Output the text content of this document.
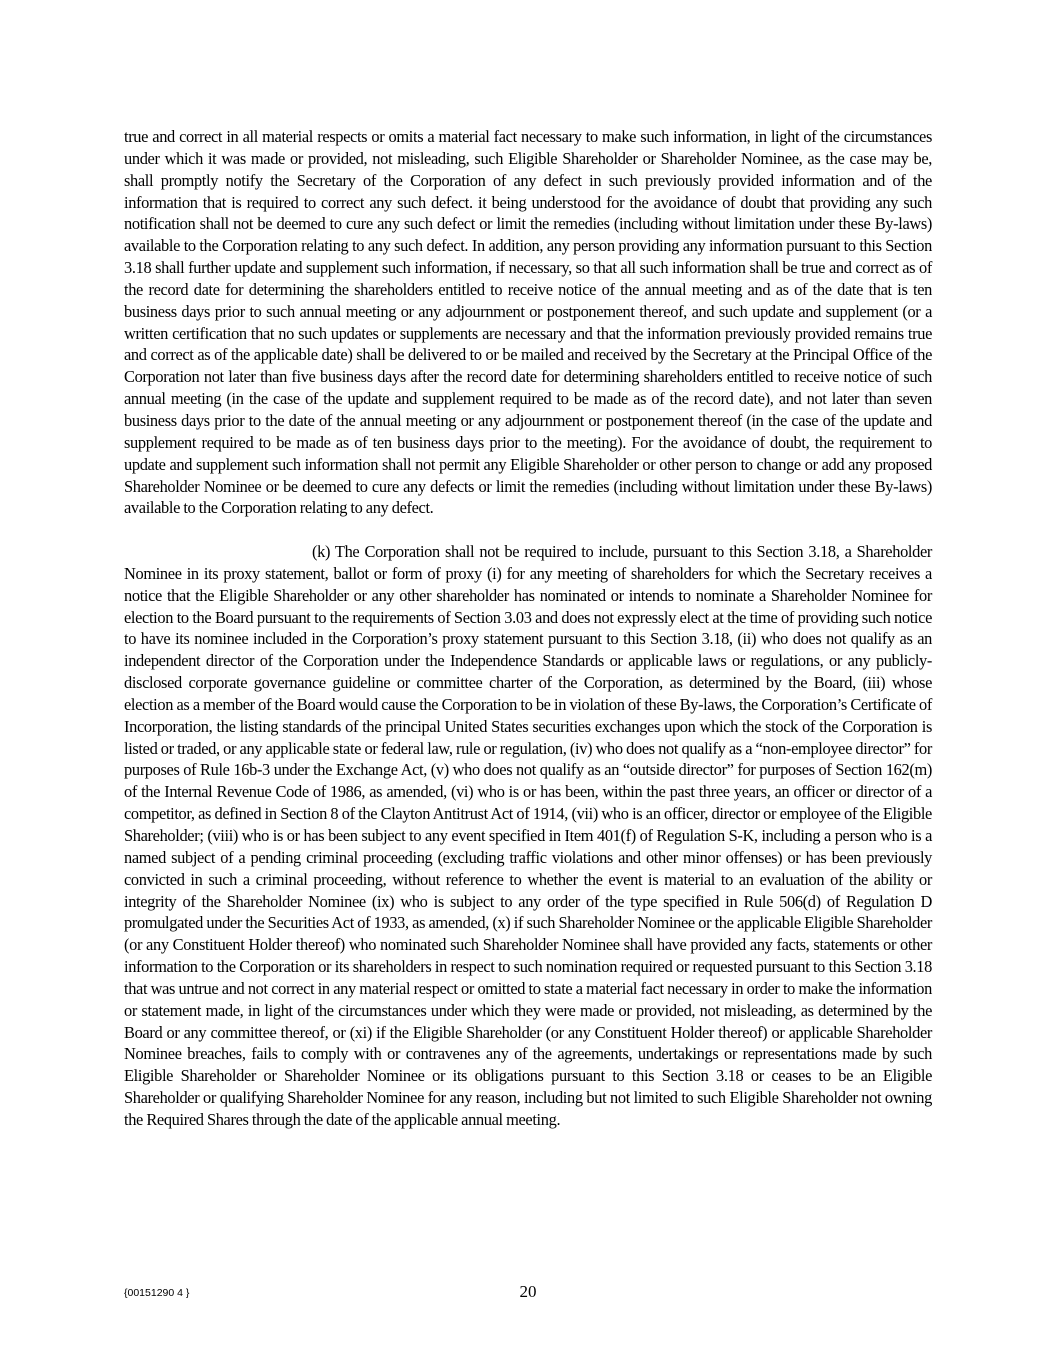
true and correct in all material respects or omits a material fact necessary to make such information, in light of the circumstances under which it was made or provided, not misleading, such Eligible Shareholder or Shareholder Nominee, as the case may be, shall promptly notify the Secretary of the Corporation of any defect in such previously provided information and of the information that is required to correct any such defect. it being understood for the avoidance of doubt that providing any such notification shall not be deemed to cure any such defect or limit the remedies (including without limitation under these By-laws) available to the Corporation relating to any such defect. In addition, any person providing any information pursuant to this Section 3.18 shall further update and supplement such information, if necessary, so that all such information shall be true and correct as of the record date for determining the shareholders entitled to receive notice of the annual meeting and as of the date that is ten business days prior to such annual meeting or any adjournment or postponement thereof, and such update and supplement (or a written certification that no such updates or supplements are necessary and that the information previously provided remains true and correct as of the applicable date) shall be delivered to or be mailed and received by the Secretary at the Principal Office of the Corporation not later than five business days after the record date for determining shareholders entitled to receive notice of such annual meeting (in the case of the update and supplement required to be made as of the record date), and not later than seven business days prior to the date of the annual meeting or any adjournment or postponement thereof (in the case of the update and supplement required to be made as of ten business days prior to the meeting). For the avoidance of doubt, the requirement to update and supplement such information shall not permit any Eligible Shareholder or other person to change or add any proposed Shareholder Nominee or be deemed to cure any defects or limit the remedies (including without limitation under these By-laws) available to the Corporation relating to any defect.

(k) The Corporation shall not be required to include, pursuant to this Section 3.18, a Shareholder Nominee in its proxy statement, ballot or form of proxy (i) for any meeting of shareholders for which the Secretary receives a notice that the Eligible Shareholder or any other shareholder has nominated or intends to nominate a Shareholder Nominee for election to the Board pursuant to the requirements of Section 3.03 and does not expressly elect at the time of providing such notice to have its nominee included in the Corporation’s proxy statement pursuant to this Section 3.18, (ii) who does not qualify as an independent director of the Corporation under the Independence Standards or applicable laws or regulations, or any publicly-disclosed corporate governance guideline or committee charter of the Corporation, as determined by the Board, (iii) whose election as a member of the Board would cause the Corporation to be in violation of these By-laws, the Corporation’s Certificate of Incorporation, the listing standards of the principal United States securities exchanges upon which the stock of the Corporation is listed or traded, or any applicable state or federal law, rule or regulation, (iv) who does not qualify as a “non-employee director” for purposes of Rule 16b-3 under the Exchange Act, (v) who does not qualify as an “outside director” for purposes of Section 162(m) of the Internal Revenue Code of 1986, as amended, (vi) who is or has been, within the past three years, an officer or director of a competitor, as defined in Section 8 of the Clayton Antitrust Act of 1914, (vii) who is an officer, director or employee of the Eligible Shareholder; (viii) who is or has been subject to any event specified in Item 401(f) of Regulation S-K, including a person who is a named subject of a pending criminal proceeding (excluding traffic violations and other minor offenses) or has been previously convicted in such a criminal proceeding, without reference to whether the event is material to an evaluation of the ability or integrity of the Shareholder Nominee (ix) who is subject to any order of the type specified in Rule 506(d) of Regulation D promulgated under the Securities Act of 1933, as amended, (x) if such Shareholder Nominee or the applicable Eligible Shareholder (or any Constituent Holder thereof) who nominated such Shareholder Nominee shall have provided any facts, statements or other information to the Corporation or its shareholders in respect to such nomination required or requested pursuant to this Section 3.18 that was untrue and not correct in any material respect or omitted to state a material fact necessary in order to make the information or statement made, in light of the circumstances under which they were made or provided, not misleading, as determined by the Board or any committee thereof, or (xi) if the Eligible Shareholder (or any Constituent Holder thereof) or applicable Shareholder Nominee breaches, fails to comply with or contravenes any of the agreements, undertakings or representations made by such Eligible Shareholder or Shareholder Nominee or its obligations pursuant to this Section 3.18 or ceases to be an Eligible Shareholder or qualifying Shareholder Nominee for any reason, including but not limited to such Eligible Shareholder not owning the Required Shares through the date of the applicable annual meeting.

{00151290 4 }	20
